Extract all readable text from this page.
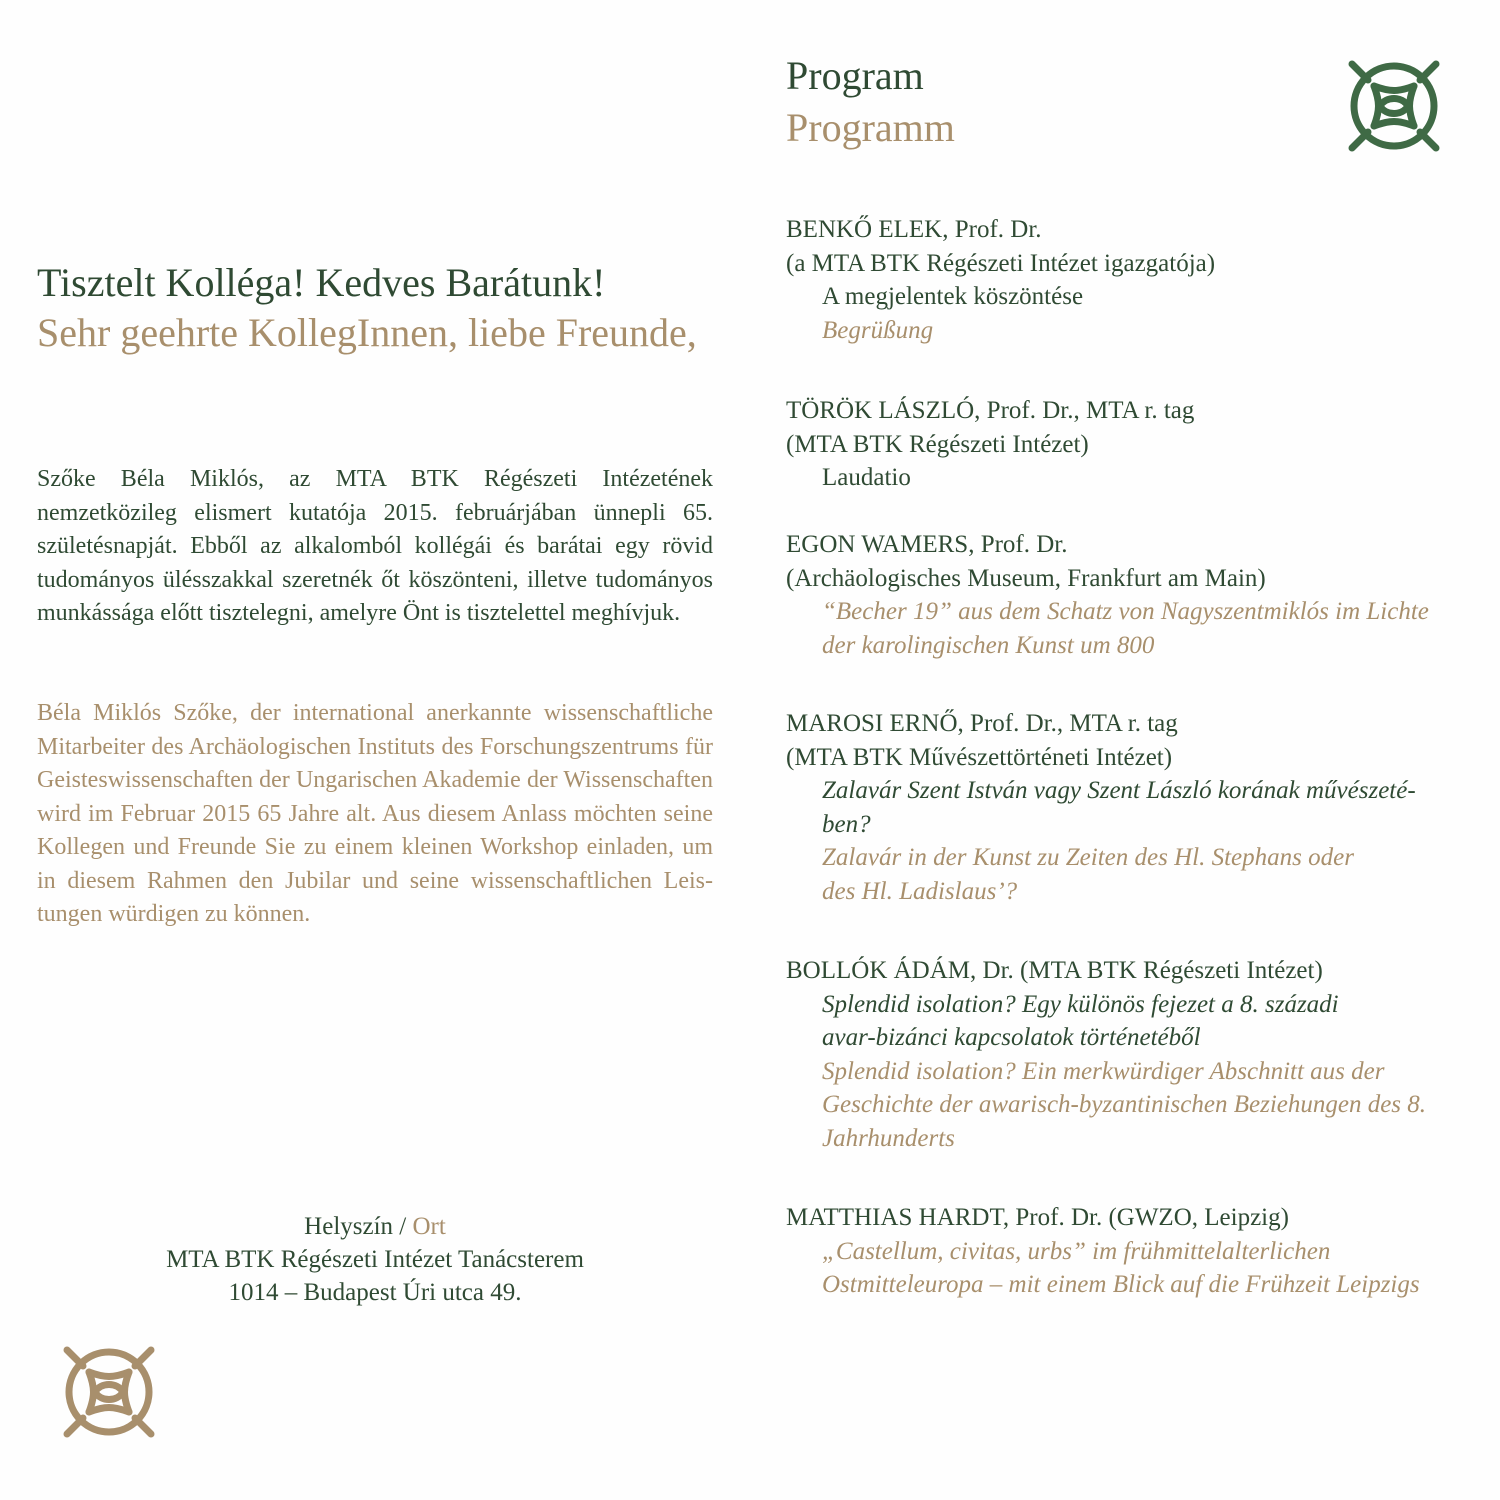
Tisztelt Kolléga! Kedves Barátunk!
Sehr geehrte KollegInnen, liebe Freunde,
Szőke Béla Miklós, az MTA BTK Régészeti Intézetének nemzetközileg elismert kutatója 2015. februárjában ünnepli 65. születésnapját. Ebből az alkalomból kollégái és barátai egy rövid tudományos ülésszakkal szeretnék őt köszönteni, illetve tudományos munkássága előtt tisztelegni, amelyre Önt is tisztelettel meghívjuk.
Béla Miklós Szőke, der international anerkannte wissenschaftliche Mitarbeiter des Archäologischen Instituts des Forschungszentrums für Geisteswissenschaften der Ungarischen Akademie der Wissenschaften wird im Februar 2015 65 Jahre alt. Aus diesem Anlass möchten seine Kollegen und Freunde Sie zu einem kleinen Workshop einladen, um in diesem Rahmen den Jubilar und seine wissenschaftlichen Leistungen würdigen zu können.
Helyszín / Ort
MTA BTK Régészeti Intézet Tanácsterem
1014 – Budapest Úri utca 49.
Program
Programm
BENKŐ ELEK, Prof. Dr.
(a MTA BTK Régészeti Intézet igazgatója)
A megjelentek köszöntése
Begrüßung
TÖRÖK LÁSZLÓ, Prof. Dr., MTA r. tag
(MTA BTK Régészeti Intézet)
Laudatio
EGON WAMERS, Prof. Dr.
(Archäologisches Museum, Frankfurt am Main)
“Becher 19” aus dem Schatz von Nagyszentmiklós im Lichte
der karolingischen Kunst um 800
MAROSI ERNŐ, Prof. Dr., MTA r. tag
(MTA BTK Művészettörténeti Intézet)
Zalavár Szent István vagy Szent László korának művészeté-
ben?
Zalavár in der Kunst zu Zeiten des Hl. Stephans oder
des Hl. Ladislaus’?
BOLLÓK ÁDÁM, Dr. (MTA BTK Régészeti Intézet)
Splendid isolation? Egy különös fejezet a 8. századi
avar-bizánci kapcsolatok történetéből
Splendid isolation? Ein merkwürdiger Abschnitt aus der
Geschichte der awarisch-byzantinischen Beziehungen des 8.
Jahrhunderts
MATTHIAS HARDT, Prof. Dr. (GWZO, Leipzig)
„Castellum, civitas, urbs” im frühmittelalterlichen
Ostmitteleuropa – mit einem Blick auf die Frühzeit Leipzigs
